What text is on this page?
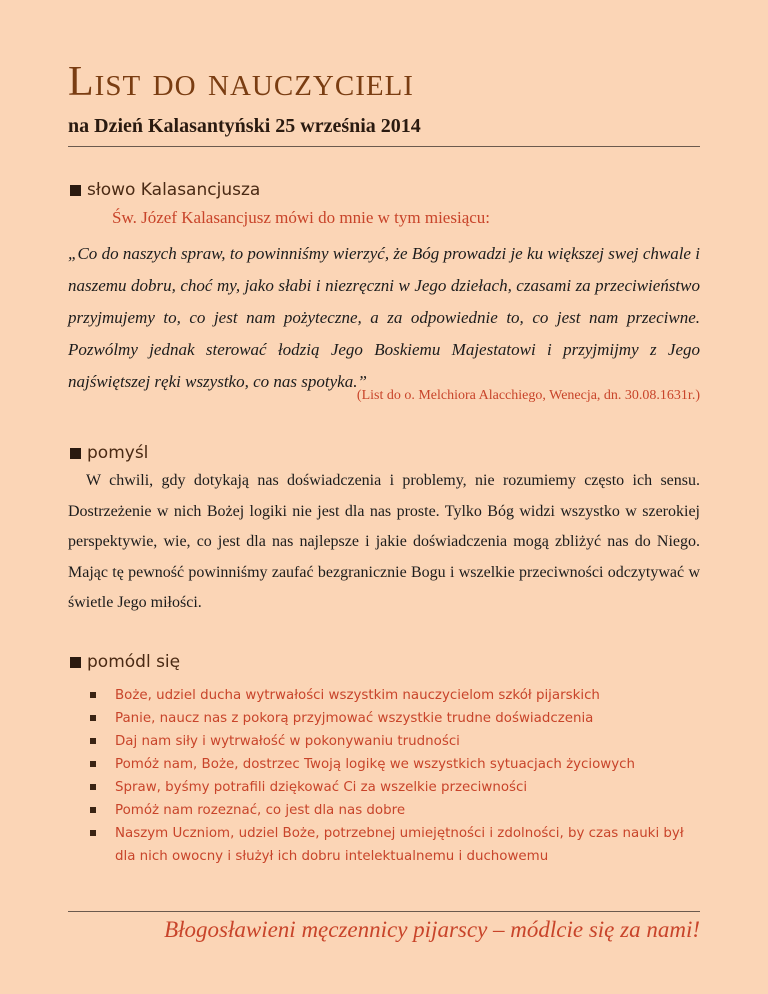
List do nauczycieli
na Dzień Kalasantyński 25 września 2014
słowo Kalasancjusza
Św. Józef Kalasancjusz mówi do mnie w tym miesiącu:
„Co do naszych spraw, to powinniśmy wierzyć, że Bóg prowadzi je ku większej swej chwale i naszemu dobru, choć my, jako słabi i niezręczni w Jego dziełach, czasami za przeciwieństwo przyjmujemy to, co jest nam pożyteczne, a za odpowiednie to, co jest nam przeciwne. Pozwólmy jednak sterować łodzią Jego Boskiemu Majestatowi i przyjmijmy z Jego najświętszej ręki wszystko, co nas spotyka.”
(List do o. Melchiora Alacchiego, Wenecja, dn. 30.08.1631r.)
pomyśl
W chwili, gdy dotykają nas doświadczenia i problemy, nie rozumiemy często ich sensu. Dostrzeżenie w nich Bożej logiki nie jest dla nas proste. Tylko Bóg widzi wszystko w szerokiej perspektywie, wie, co jest dla nas najlepsze i jakie doświadczenia mogą zbliżyć nas do Niego. Mając tę pewność powinniśmy zaufać bezgranicznie Bogu i wszelkie przeciwności odczytywać w świetle Jego miłości.
pomódl się
Boże, udziel ducha wytrwałości wszystkim nauczycielom szkół pijarskich
Panie, naucz nas z pokorą przyjmować wszystkie trudne doświadczenia
Daj nam siły i wytrwałość w pokonywaniu trudności
Pomóż nam, Boże, dostrzec Twoją logikę we wszystkich sytuacjach życiowych
Spraw, byśmy potrafili dziękować Ci za wszelkie przeciwności
Pomóż nam rozeznać, co jest dla nas dobre
Naszym Uczniom, udziel Boże, potrzebnej umiejętności i zdolności, by czas nauki był dla nich owocny i służył ich dobru intelektualnemu i duchowemu
Błogosławieni męczennicy pijarscy – módlcie się za nami!
